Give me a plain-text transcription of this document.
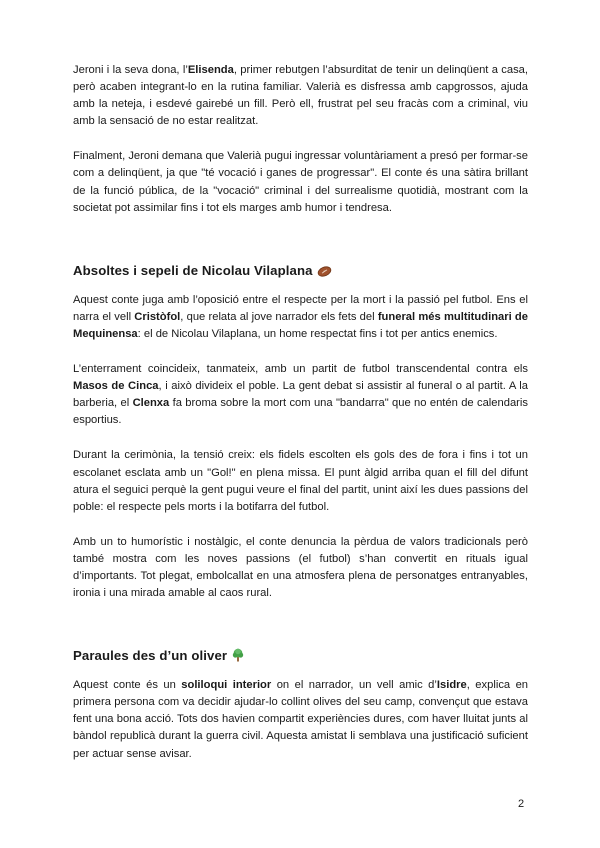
Jeroni i la seva dona, l’Elisenda, primer rebutgen l’absurditat de tenir un delinqüent a casa, però acaben integrant-lo en la rutina familiar. Valerià es disfressa amb capgrossos, ajuda amb la neteja, i esdevé gairebé un fill. Però ell, frustrat pel seu fracàs com a criminal, viu amb la sensació de no estar realitzat.

Finalment, Jeroni demana que Valerià pugui ingressar voluntàriament a presó per formar-se com a delinqüent, ja que "té vocació i ganes de progressar". El conte és una sàtira brillant de la funció pública, de la "vocació" criminal i del surrealisme quotidià, mostrant com la societat pot assimilar fins i tot els marges amb humor i tendresa.

Absoltes i sepeli de Nicolau Vilaplana

Aquest conte juga amb l’oposició entre el respecte per la mort i la passió pel futbol. Ens el narra el vell Cristòfol, que relata al jove narrador els fets del funeral més multitudinari de Mequinensa: el de Nicolau Vilaplana, un home respectat fins i tot per antics enemics.

L’enterrament coincideix, tanmateix, amb un partit de futbol transcendental contra els Masos de Cinca, i això divideix el poble. La gent debat si assistir al funeral o al partit. A la barberia, el Clenxa fa broma sobre la mort com una "bandarra" que no entén de calendaris esportius.

Durant la cerimònia, la tensió creix: els fidels escolten els gols des de fora i fins i tot un escolanet esclata amb un "Gol!" en plena missa. El punt àlgid arriba quan el fill del difunt atura el seguici perquè la gent pugui veure el final del partit, unint així les dues passions del poble: el respecte pels morts i la botifarra del futbol.

Amb un to humorístic i nostàlgic, el conte denuncia la pèrdua de valors tradicionals però també mostra com les noves passions (el futbol) s’han convertit en rituals igual d’importants. Tot plegat, embolcallat en una atmosfera plena de personatges entranyables, ironia i una mirada amable al caos rural.

Paraules des d’un oliver

Aquest conte és un soliloqui interior on el narrador, un vell amic d’Isidre, explica en primera persona com va decidir ajudar-lo collint olives del seu camp, convençut que estava fent una bona acció. Tots dos havien compartit experiències dures, com haver lluitat junts al bàndol republicà durant la guerra civil. Aquesta amistat li semblava una justificació suficient per actuar sense avisar.

2
